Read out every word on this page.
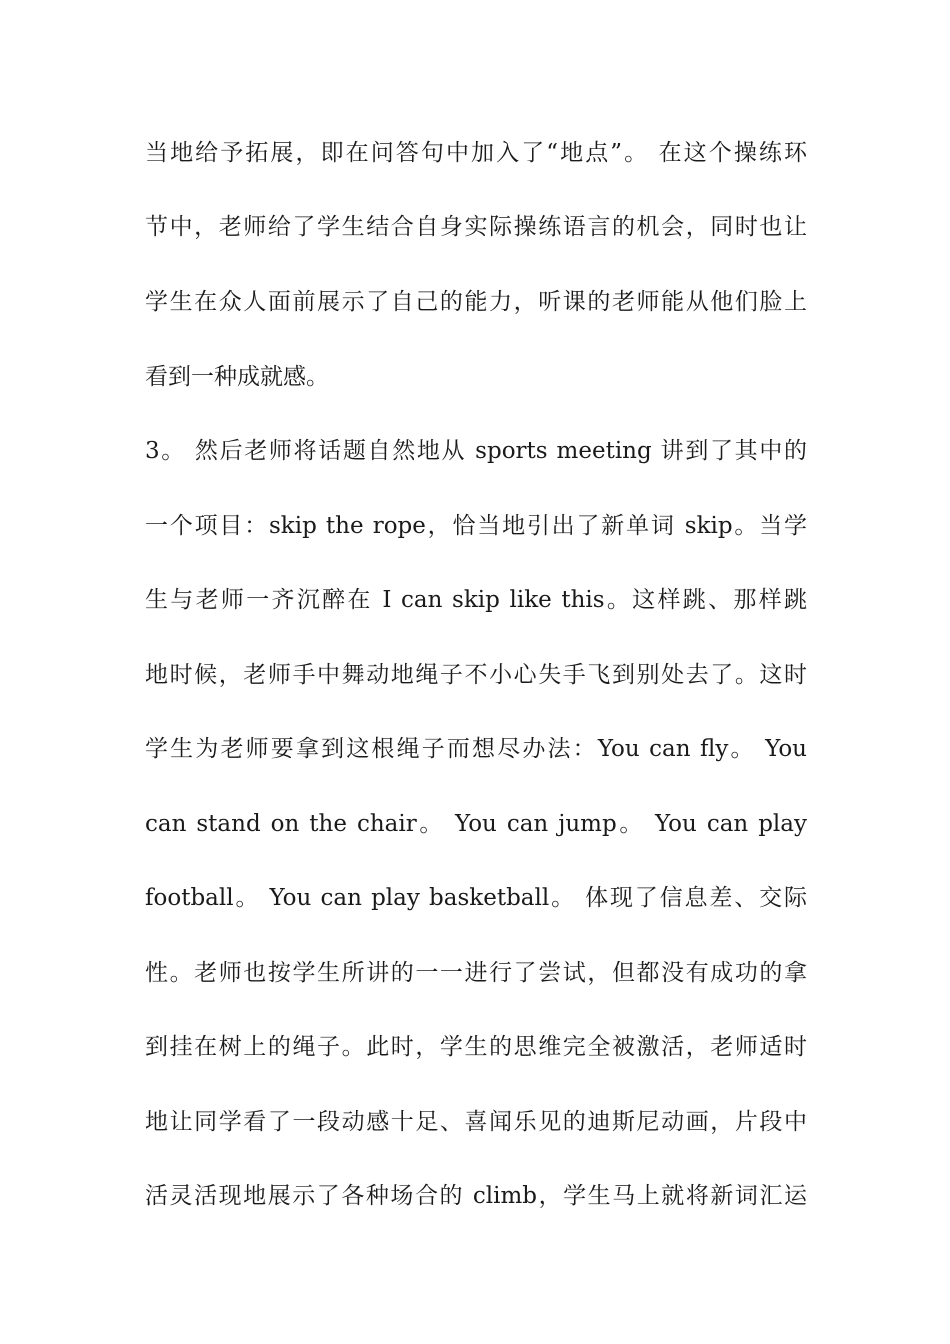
当地给予拓展，即在问答句中加入了“地点”。 在这个操练环
节中，老师给了学生结合自身实际操练语言的机会，同时也让
学生在众人面前展示了自己的能力，听课的老师能从他们脸上
看到一种成就感。
3。 然后老师将话题自然地从 sports meeting 讲到了其中的
一个项目：skip the rope，恰当地引出了新单词 skip。当学
生与老师一齐沉醉在 I can skip like this。这样跳、那样跳
地时候，老师手中舞动地绳子不小心失手飞到别处去了。这时
学生为老师要拿到这根绳子而想尽办法：You can fly。 You
can stand on the chair。 You can jump。 You can play
football。 You can play basketball。 体现了信息差、交际
性。老师也按学生所讲的一一进行了尝试，但都没有成功的拿
到挂在树上的绳子。此时，学生的思维完全被激活，老师适时
地让同学看了一段动感十足、喜闻乐见的迪斯尼动画，片段中
活灵活现地展示了各种场合的 climb，学生马上就将新词汇运
